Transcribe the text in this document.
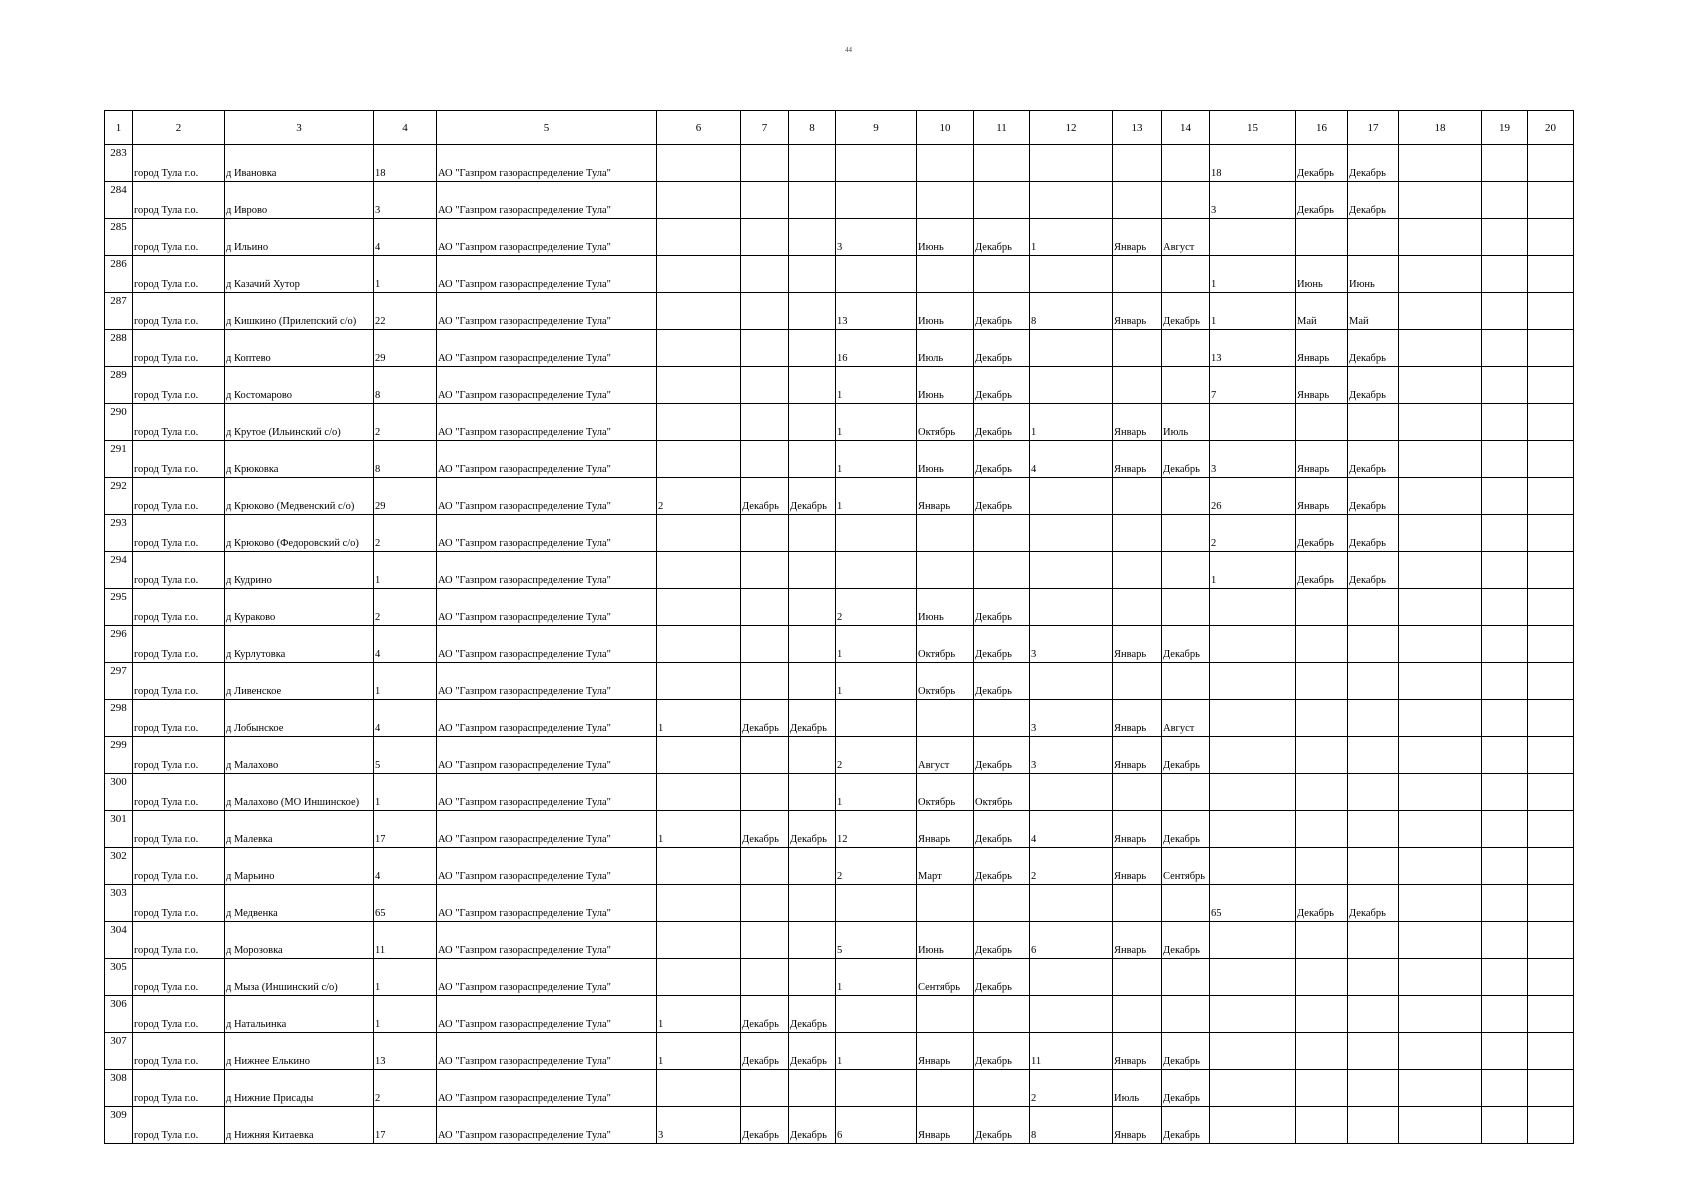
44
1	2	3	4	5	6	7	8	9	10	11	12	13	14	15	16	17	18	19	20
283	город Тула г.о.	д Ивановка	18	АО "Газпром газораспределение Тула"										18	Декабрь	Декабрь			
284	город Тула г.о.	д Иврово	3	АО "Газпром газораспределение Тула"										3	Декабрь	Декабрь			
285	город Тула г.о.	д Ильино	4	АО "Газпром газораспределение Тула"				3	Июнь	Декабрь	1	Январь	Август						
286	город Тула г.о.	д Казачий Хутор	1	АО "Газпром газораспределение Тула"										1	Июнь	Июнь			
287	город Тула г.о.	д Кишкино (Прилепский с/о)	22	АО "Газпром газораспределение Тула"				13	Июнь	Декабрь	8	Январь	Декабрь	1	Май	Май			
288	город Тула г.о.	д Коптево	29	АО "Газпром газораспределение Тула"				16	Июль	Декабрь				13	Январь	Декабрь			
289	город Тула г.о.	д Костомарово	8	АО "Газпром газораспределение Тула"				1	Июнь	Декабрь				7	Январь	Декабрь			
290	город Тула г.о.	д Крутое (Ильинский с/о)	2	АО "Газпром газораспределение Тула"				1	Октябрь	Декабрь	1	Январь	Июль						
291	город Тула г.о.	д Крюковка	8	АО "Газпром газораспределение Тула"				1	Июнь	Декабрь	4	Январь	Декабрь	3	Январь	Декабрь			
292	город Тула г.о.	д Крюково (Медвенский с/о)	29	АО "Газпром газораспределение Тула"	2	Декабрь	Декабрь	1	Январь	Декабрь				26	Январь	Декабрь			
293	город Тула г.о.	д Крюково (Федоровский с/о)	2	АО "Газпром газораспределение Тула"										2	Декабрь	Декабрь			
294	город Тула г.о.	д Кудрино	1	АО "Газпром газораспределение Тула"										1	Декабрь	Декабрь			
295	город Тула г.о.	д Кураково	2	АО "Газпром газораспределение Тула"				2	Июнь	Декабрь									
296	город Тула г.о.	д Курлутовка	4	АО "Газпром газораспределение Тула"				1	Октябрь	Декабрь	3	Январь	Декабрь						
297	город Тула г.о.	д Ливенское	1	АО "Газпром газораспределение Тула"				1	Октябрь	Декабрь									
298	город Тула г.о.	д Лобынское	4	АО "Газпром газораспределение Тула"	1	Декабрь	Декабрь				3	Январь	Август						
299	город Тула г.о.	д Малахово	5	АО "Газпром газораспределение Тула"				2	Август	Декабрь	3	Январь	Декабрь						
300	город Тула г.о.	д Малахово (МО Иншинское)	1	АО "Газпром газораспределение Тула"				1	Октябрь	Октябрь									
301	город Тула г.о.	д Малевка	17	АО "Газпром газораспределение Тула"	1	Декабрь	Декабрь	12	Январь	Декабрь	4	Январь	Декабрь						
302	город Тула г.о.	д Марьино	4	АО "Газпром газораспределение Тула"				2	Март	Декабрь	2	Январь	Сентябрь						
303	город Тула г.о.	д Медвенка	65	АО "Газпром газораспределение Тула"										65	Декабрь	Декабрь			
304	город Тула г.о.	д Морозовка	11	АО "Газпром газораспределение Тула"				5	Июнь	Декабрь	6	Январь	Декабрь						
305	город Тула г.о.	д Мыза (Иншинский с/о)	1	АО "Газпром газораспределение Тула"				1	Сентябрь	Декабрь									
306	город Тула г.о.	д Натальинка	1	АО "Газпром газораспределение Тула"	1	Декабрь	Декабрь												
307	город Тула г.о.	д Нижнее Елькино	13	АО "Газпром газораспределение Тула"	1	Декабрь	Декабрь	1	Январь	Декабрь	11	Январь	Декабрь						
308	город Тула г.о.	д Нижние Присады	2	АО "Газпром газораспределение Тула"							2	Июль	Декабрь						
309	город Тула г.о.	д Нижняя Китаевка	17	АО "Газпром газораспределение Тула"	3	Декабрь	Декабрь	6	Январь	Декабрь	8	Январь	Декабрь						
